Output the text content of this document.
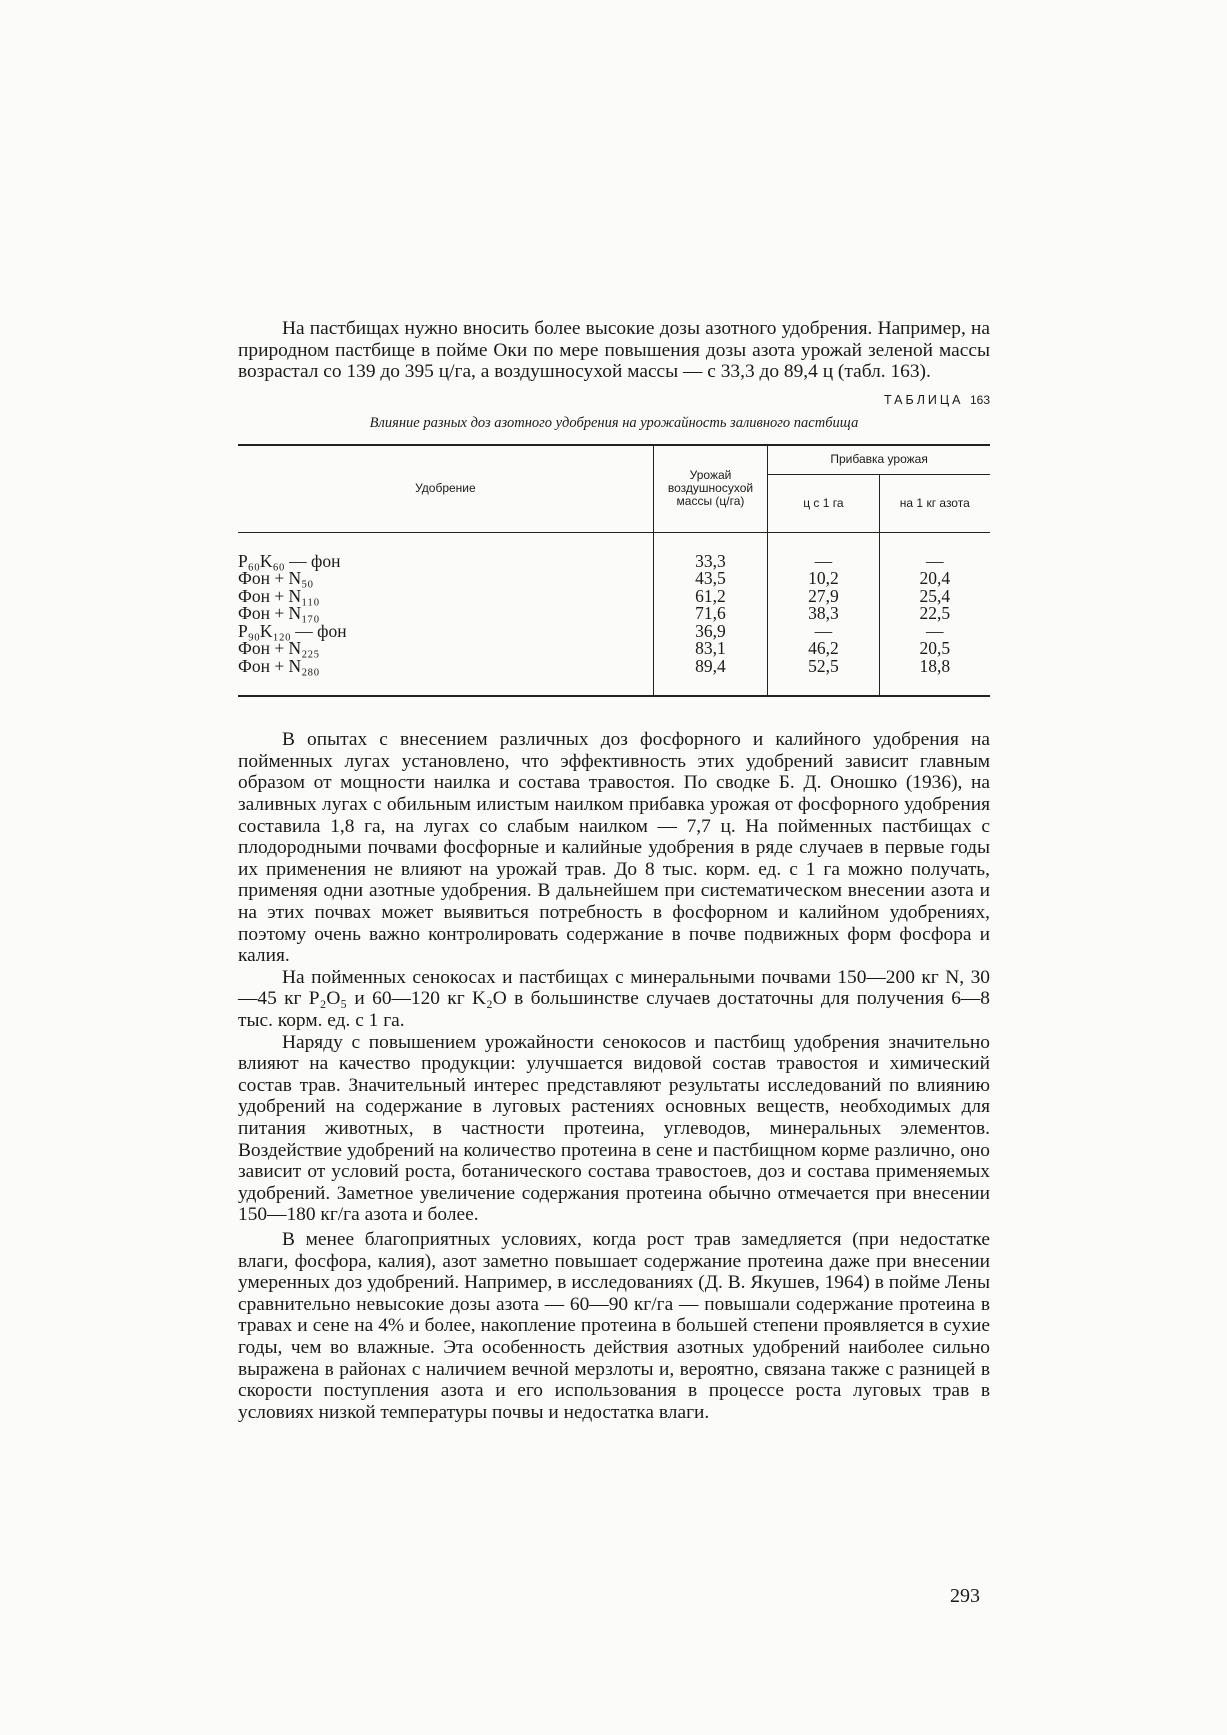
На пастбищах нужно вносить более высокие дозы азотного удобрения. Например, на природном пастбище в пойме Оки по мере повышения дозы азота урожай зеленой массы возрастал со 139 до 395 ц/га, а воздушносухой массы — с 33,3 до 89,4 ц (табл. 163).

ТАБЛИЦА 163
Влияние разных доз азотного удобрения на урожайность заливного пастбища
Удобрение	Урожай воздушносухой массы (ц/га)	Прибавка урожая	
		ц с 1 га	на 1 кг азота
P₆₀K₆₀ — фон	33,3	—	—
Фон + N₅₀	43,5	10,2	20,4
Фон + N₁₁₀	61,2	27,9	25,4
Фон + N₁₇₀	71,6	38,3	22,5
P₉₀K₁₂₀ — фон	36,9	—	—
Фон + N₂₂₅	83,1	46,2	20,5
Фон + N₂₈₀	89,4	52,5	18,8

В опытах с внесением различных доз фосфорного и калийного удобрения на пойменных лугах установлено, что эффективность этих удобрений зависит главным образом от мощности наилка и состава травостоя. По сводке Б. Д. Оношко (1936), на заливных лугах с обильным илистым наилком прибавка урожая от фосфорного удобрения составила 1,8 га, на лугах со слабым наилком — 7,7 ц. На пойменных пастбищах с плодородными почвами фосфорные и калийные удобрения в ряде случаев в первые годы их применения не влияют на урожай трав. До 8 тыс. корм. ед. с 1 га можно получать, применяя одни азотные удобрения. В дальнейшем при систематическом внесении азота и на этих почвах может выявиться потребность в фосфорном и калийном удобрениях, поэтому очень важно контролировать содержание в почве подвижных форм фосфора и калия.

На пойменных сенокосах и пастбищах с минеральными почвами 150—200 кг N, 30—45 кг P₂O₅ и 60—120 кг K₂O в большинстве случаев достаточны для получения 6—8 тыс. корм. ед. с 1 га.

Наряду с повышением урожайности сенокосов и пастбищ удобрения значительно влияют на качество продукции: улучшается видовой состав травостоя и химический состав трав. Значительный интерес представляют результаты исследований по влиянию удобрений на содержание в луговых растениях основных веществ, необходимых для питания животных, в частности протеина, углеводов, минеральных элементов. Воздействие удобрений на количество протеина в сене и пастбищном корме различно, оно зависит от условий роста, ботанического состава травостоев, доз и состава применяемых удобрений. Заметное увеличение содержания протеина обычно отмечается при внесении 150—180 кг/га азота и более.

В менее благоприятных условиях, когда рост трав замедляется (при недостатке влаги, фосфора, калия), азот заметно повышает содержание протеина даже при внесении умеренных доз удобрений. Например, в исследованиях (Д. В. Якушев, 1964) в пойме Лены сравнительно невысокие дозы азота — 60—90 кг/га — повышали содержание протеина в травах и сене на 4% и более, накопление протеина в большей степени проявляется в сухие годы, чем во влажные. Эта особенность действия азотных удобрений наиболее сильно выражена в районах с наличием вечной мерзлоты и, вероятно, связана также с разницей в скорости поступления азота и его использования в процессе роста луговых трав в условиях низкой температуры почвы и недостатка влаги.

293
